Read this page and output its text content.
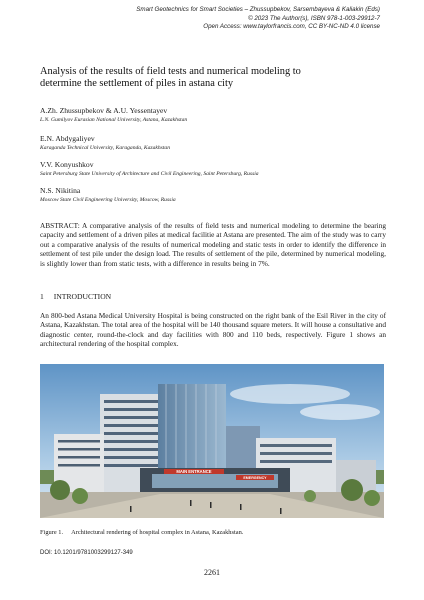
Smart Geotechnics for Smart Societies – Zhussupbekov, Sarsembayeva & Kaliakin (Eds)
© 2023 The Author(s), ISBN 978-1-003-29912-7
Open Access: www.taylorfrancis.com, CC BY-NC-ND 4.0 license
Analysis of the results of field tests and numerical modeling to
determine the settlement of piles in astana city
A.Zh. Zhussupbekov & A.U. Yessentayev
L.N. Gumilyov Eurasian National University, Astana, Kazakhstan
E.N. Abdygaliyev
Karaganda Technical University, Karaganda, Kazakhstan
V.V. Konyushkov
Saint Petersburg State University of Architecture and Civil Engineering, Saint Petersburg, Russia
N.S. Nikitina
Moscow State Civil Engineering University, Moscow, Russia
ABSTRACT: A comparative analysis of the results of field tests and numerical modeling to determine the bearing capacity and settlement of a driven piles at medical facilitie at Astana are presented. The aim of the study was to carry out a comparative analysis of the results of numerical modeling and static tests in order to identify the difference in settlement of test pile under the design load. The results of settlement of the pile, determined by numerical modeling, is slightly lower than from static tests, with a difference in results being in 7%.
1 INTRODUCTION
An 800-bed Astana Medical University Hospital is being constructed on the right bank of the Esil River in the city of Astana, Kazakhstan. The total area of the hospital will be 140 thousand square meters. It will house a consultative and diagnostic center, round-the-clock and day facilities with 800 and 110 beds, respectively. Figure 1 shows an architectural rendering of the hospital complex.
MAIN ENTRANCE
EMERGENCY
Figure 1. Architectural rendering of hospital complex in Astana, Kazakhstan.
DOI: 10.1201/9781003299127-349
2261
